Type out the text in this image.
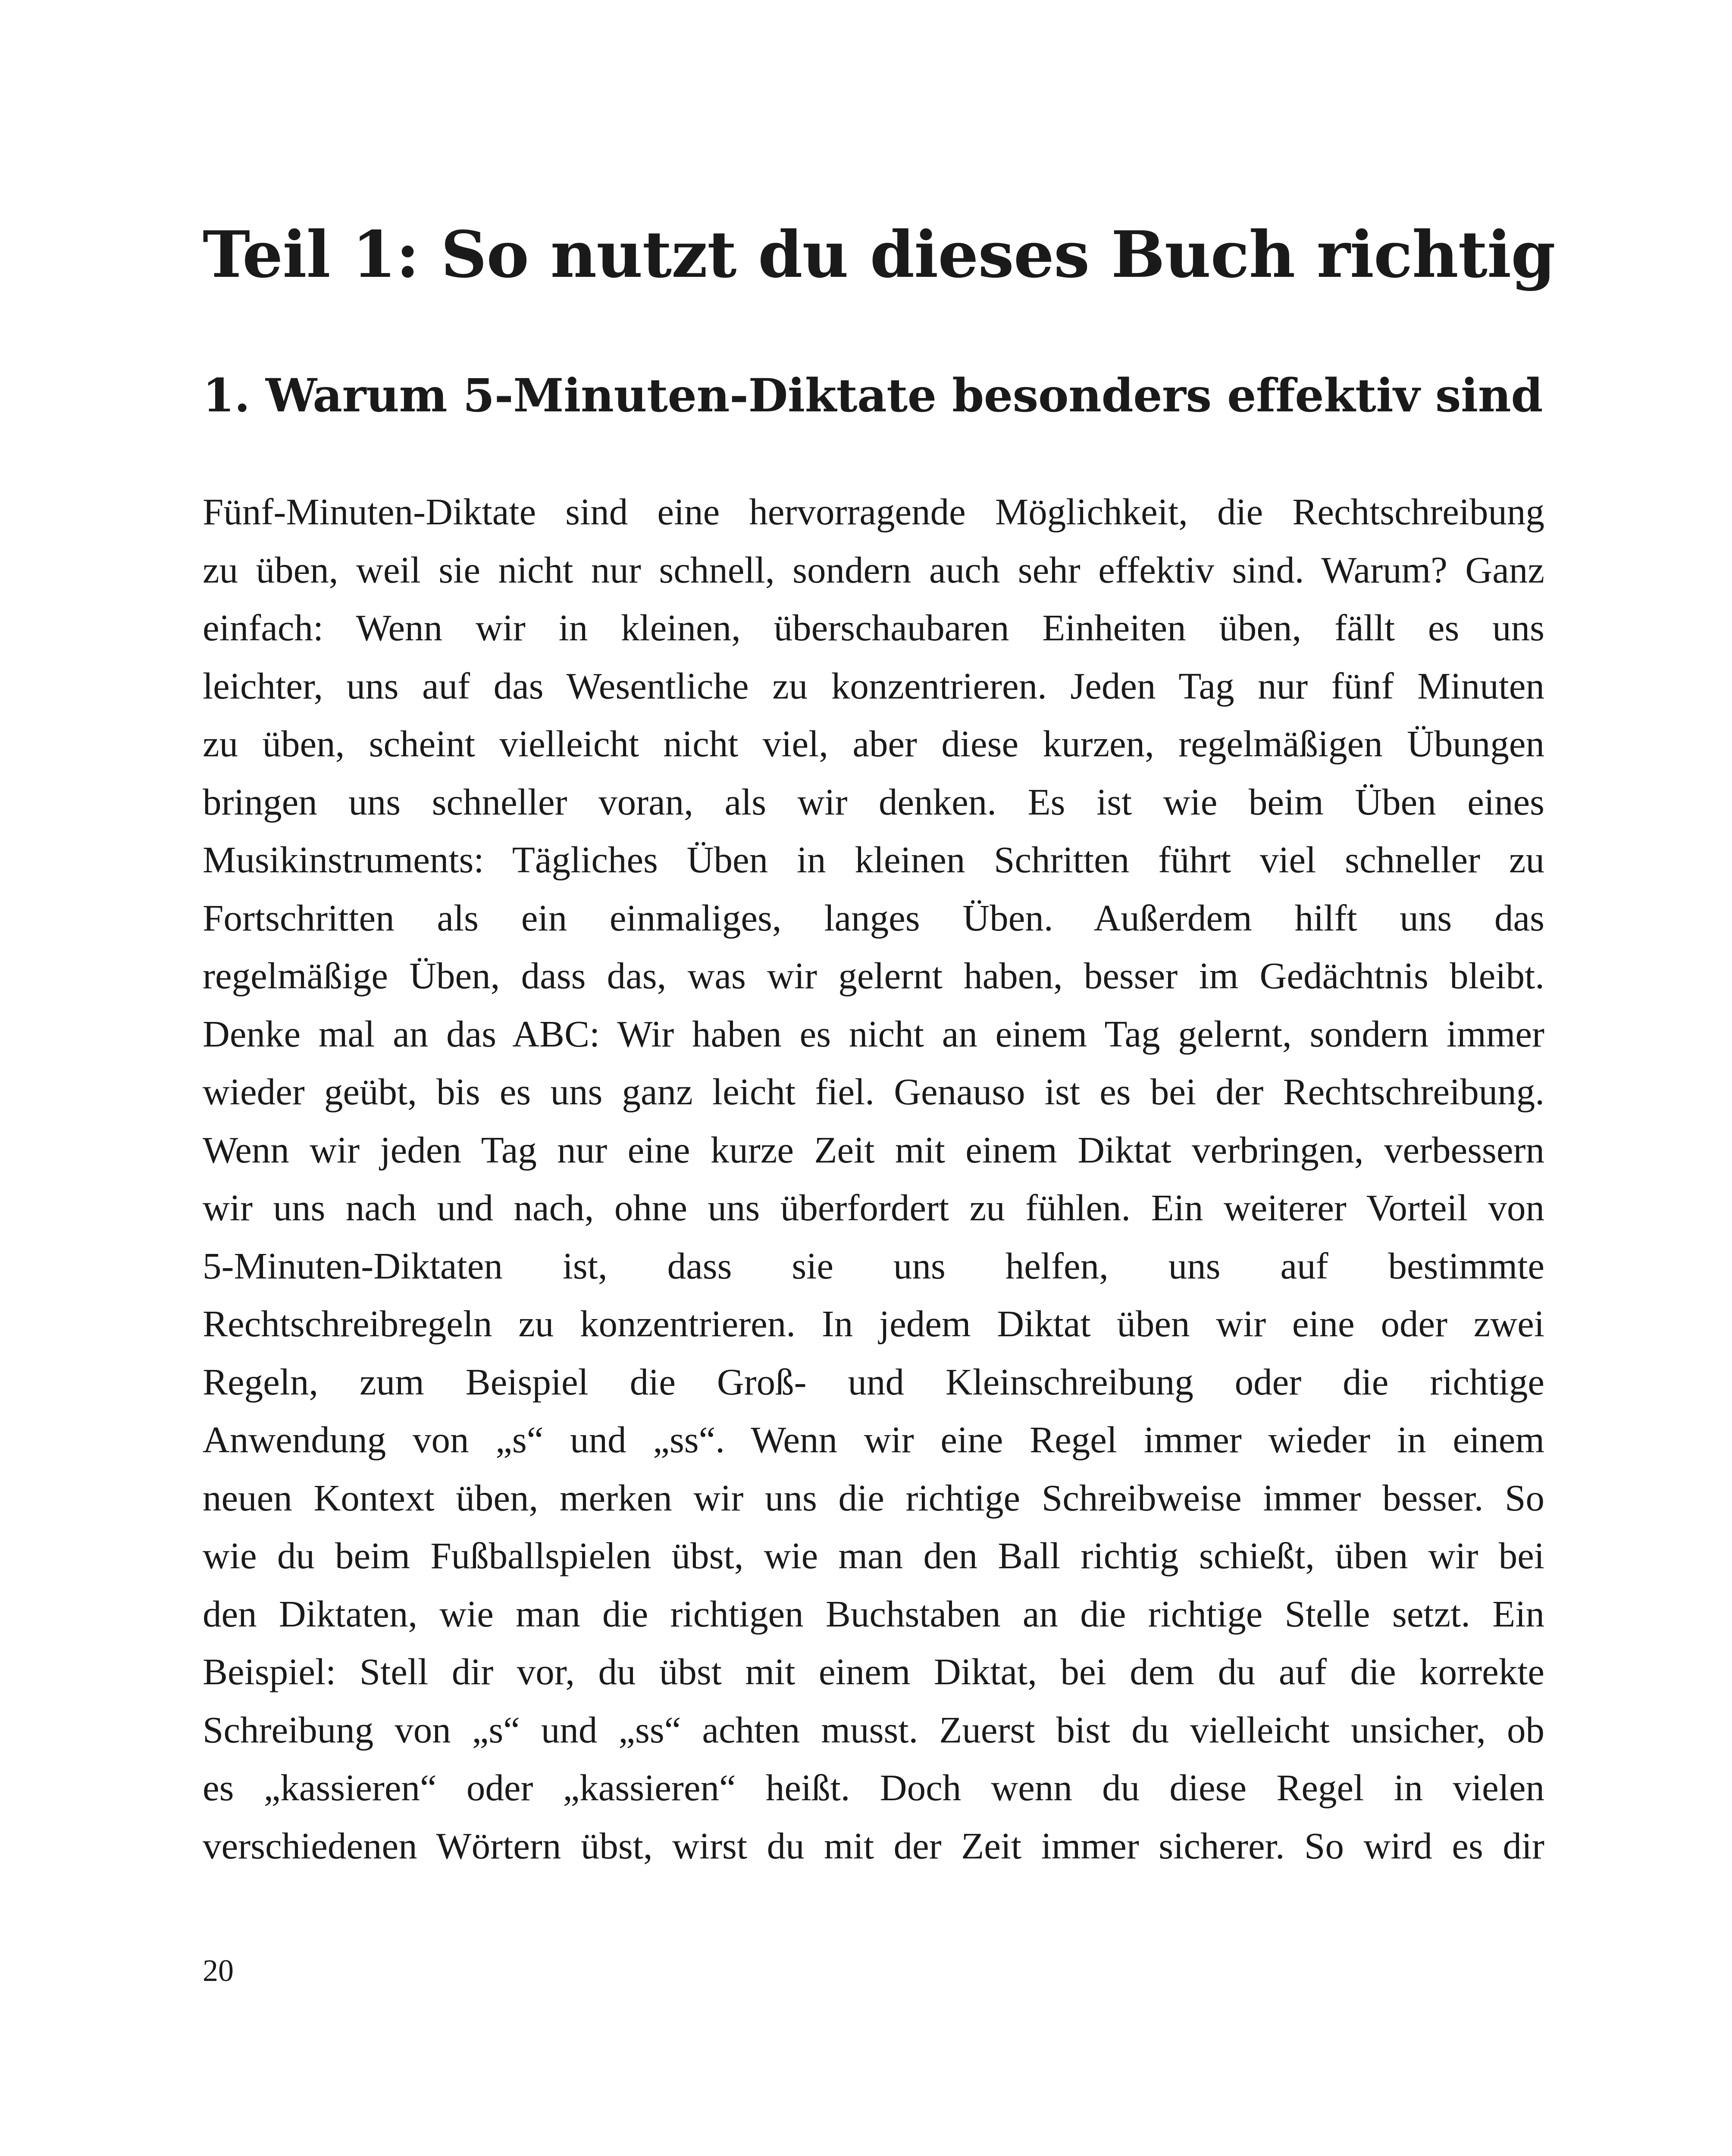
Teil 1: So nutzt du dieses Buch richtig
1. Warum 5-Minuten-Diktate besonders effektiv sind
Fünf-Minuten-Diktate sind eine hervorragende Möglichkeit, die Rechtschreibung
zu üben, weil sie nicht nur schnell, sondern auch sehr effektiv sind. Warum? Ganz
einfach: Wenn wir in kleinen, überschaubaren Einheiten üben, fällt es uns
leichter, uns auf das Wesentliche zu konzentrieren. Jeden Tag nur fünf Minuten
zu üben, scheint vielleicht nicht viel, aber diese kurzen, regelmäßigen Übungen
bringen uns schneller voran, als wir denken. Es ist wie beim Üben eines
Musikinstruments: Tägliches Üben in kleinen Schritten führt viel schneller zu
Fortschritten als ein einmaliges, langes Üben. Außerdem hilft uns das
regelmäßige Üben, dass das, was wir gelernt haben, besser im Gedächtnis bleibt.
Denke mal an das ABC: Wir haben es nicht an einem Tag gelernt, sondern immer
wieder geübt, bis es uns ganz leicht fiel. Genauso ist es bei der Rechtschreibung.
Wenn wir jeden Tag nur eine kurze Zeit mit einem Diktat verbringen, verbessern
wir uns nach und nach, ohne uns überfordert zu fühlen. Ein weiterer Vorteil von
5-Minuten-Diktaten ist, dass sie uns helfen, uns auf bestimmte
Rechtschreibregeln zu konzentrieren. In jedem Diktat üben wir eine oder zwei
Regeln, zum Beispiel die Groß- und Kleinschreibung oder die richtige
Anwendung von „s“ und „ss“. Wenn wir eine Regel immer wieder in einem
neuen Kontext üben, merken wir uns die richtige Schreibweise immer besser. So
wie du beim Fußballspielen übst, wie man den Ball richtig schießt, üben wir bei
den Diktaten, wie man die richtigen Buchstaben an die richtige Stelle setzt. Ein
Beispiel: Stell dir vor, du übst mit einem Diktat, bei dem du auf die korrekte
Schreibung von „s“ und „ss“ achten musst. Zuerst bist du vielleicht unsicher, ob
es „kassieren“ oder „kassieren“ heißt. Doch wenn du diese Regel in vielen
verschiedenen Wörtern übst, wirst du mit der Zeit immer sicherer. So wird es dir
20
